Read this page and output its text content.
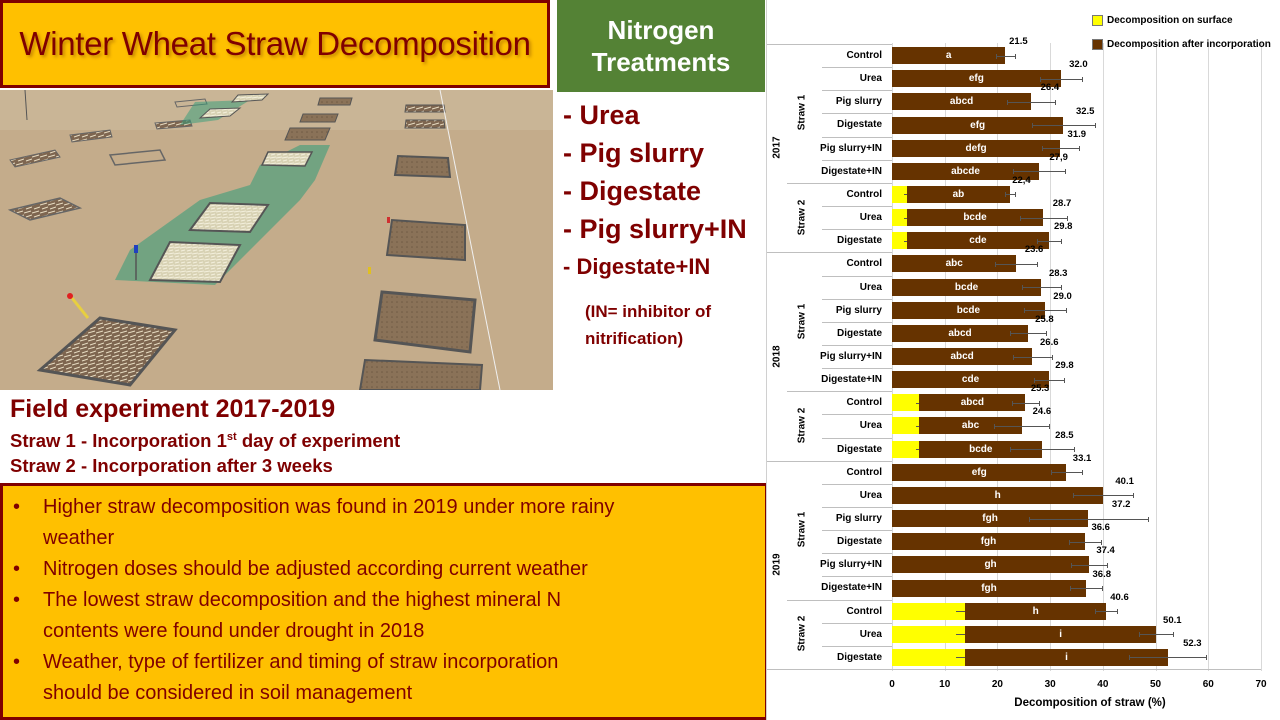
Winter Wheat Straw Decomposition	Nitrogen
Treatments
- Urea
- Pig slurry
- Digestate
- Pig slurry+IN
- Digestate+IN
(IN= inhibitor of
nitrification)
Field experiment 2017-2019
Straw 1 - Incorporation 1st day of experiment
Straw 2 - Incorporation after 3 weeks
•	Higher straw decomposition was found in 2019 under more rainy
weather
•	Nitrogen doses should be adjusted according current weather
•	The lowest straw decomposition and the highest mineral N
contents were found under drought in 2018
•	Weather, type of fertilizer and timing of straw incorporation
should be considered in soil management	0	10	20	30	40	50	60	70
Control	a
21.5
Urea	efg
32.0
Pig slurry	abcd
26.4
Digestate	efg
32.5
Pig slurry+IN	defg
31.9
Digestate+IN	abcde
27,9
Straw 1
Control	ab
22,4
Urea	bcde
28.7
Digestate	cde
29.8
Straw 2
2017
Control	abc
23.6
Urea	bcde
28.3
Pig slurry	bcde
29.0
Digestate	abcd
25.8
Pig slurry+IN	abcd
26.6
Digestate+IN	cde
29.8
Straw 1
Control	abcd
25.3
Urea	abc
24.6
Digestate	bcde
28.5
Straw 2
2018
Control	efg
33.1
Urea	h
40.1
Pig slurry	fgh
37.2
Digestate	fgh
36.6
Pig slurry+IN	gh
37.4
Digestate+IN	fgh
36.8
Straw 1
Control	h
40.6
Urea	i
50.1
Digestate	i
52.3
Straw 2
2019
Decomposition on surface
Decomposition after incorporation
Decomposition of straw (%)
